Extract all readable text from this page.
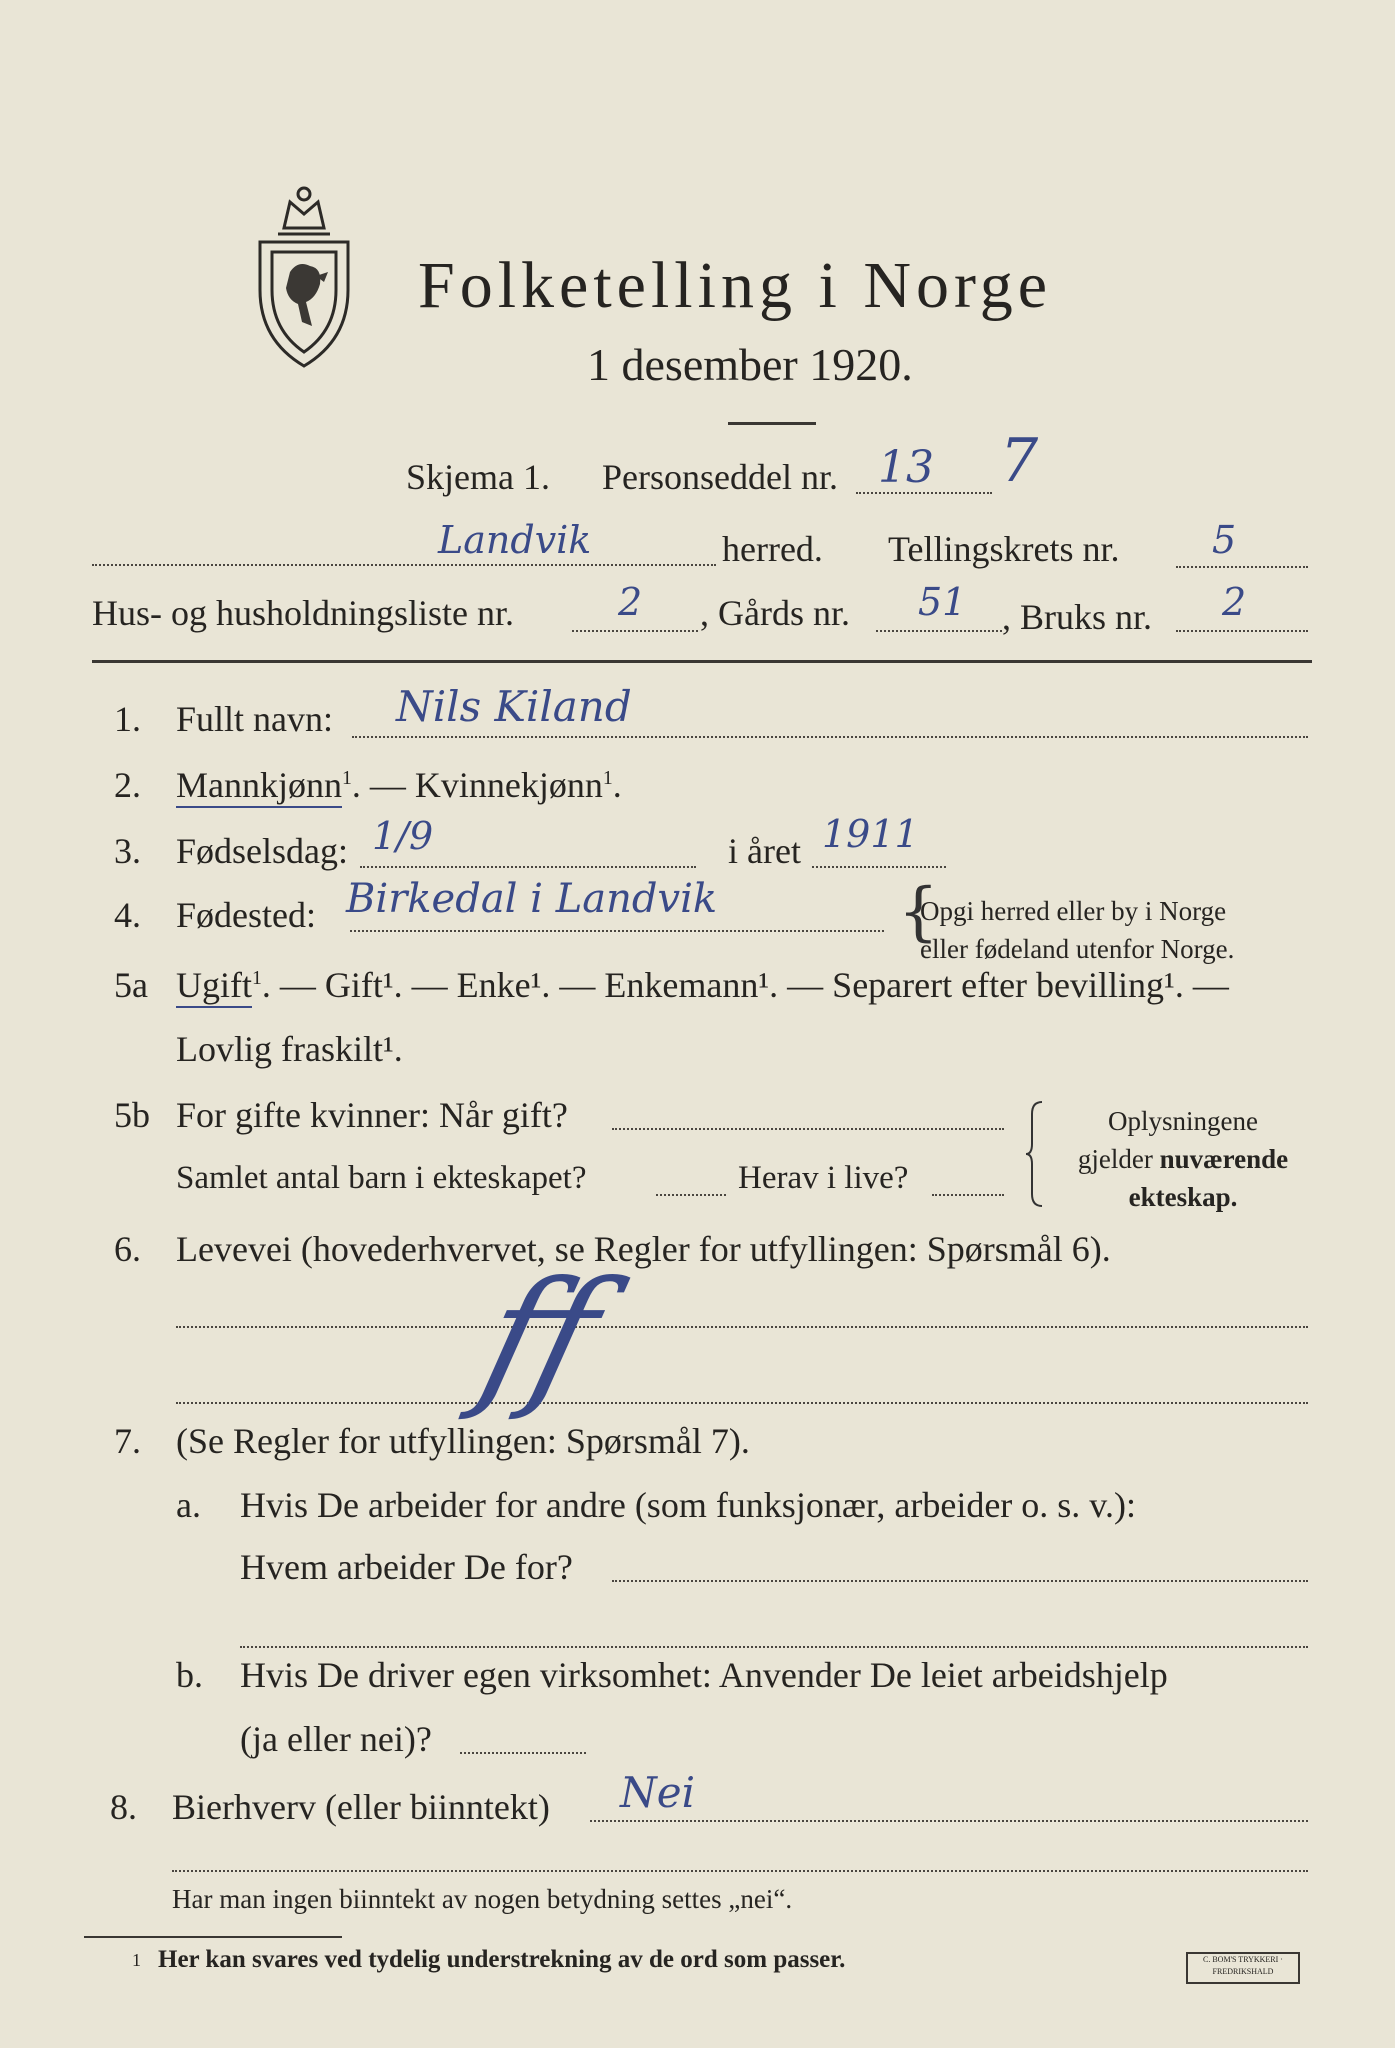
Folketelling i Norge
1 desember 1920.
Skjema 1. Personseddel nr. 13 7
Landvik	herred. Tellingskrets nr. 5
Hus- og husholdningsliste nr.	2 , Gårds nr. 51 , Bruks nr. 2
1. Fullt navn: Nils Kiland
2. Mannkjønn$^1$. — Kvinnekjønn$^1$.
3. Fødselsdag: 1/9	i året 1911
4. Fødested: Birkedal i Landvik	{
Opgi herred eller by i Norge
eller fødeland utenfor Norge.
5a Ugift$^1$. — Gift¹. — Enke¹. — Enkemann¹. — Separert efter bevilling¹. —
Lovlig fraskilt¹.
5b For gifte kvinner: Når gift?
Samlet antal barn i ekteskapet?	Herav i live?
Oplysningene
gjelder nuværende
ekteskap.
6. Levevei (hovederhvervet, se Regler for utfyllingen: Spørsmål 6).
ff
7. (Se Regler for utfyllingen: Spørsmål 7).
a. Hvis De arbeider for andre (som funksjonær, arbeider o. s. v.):
Hvem arbeider De for?
b. Hvis De driver egen virksomhet: Anvender De leiet arbeidshjelp
(ja eller nei)?
8. Bierhverv (eller biinntekt) Nei
Har man ingen biinntekt av nogen betydning settes „nei“.
1 Her kan svares ved tydelig understrekning av de ord som passer.	C. BOM'S TRYKKERI · FREDRIKSHALD
